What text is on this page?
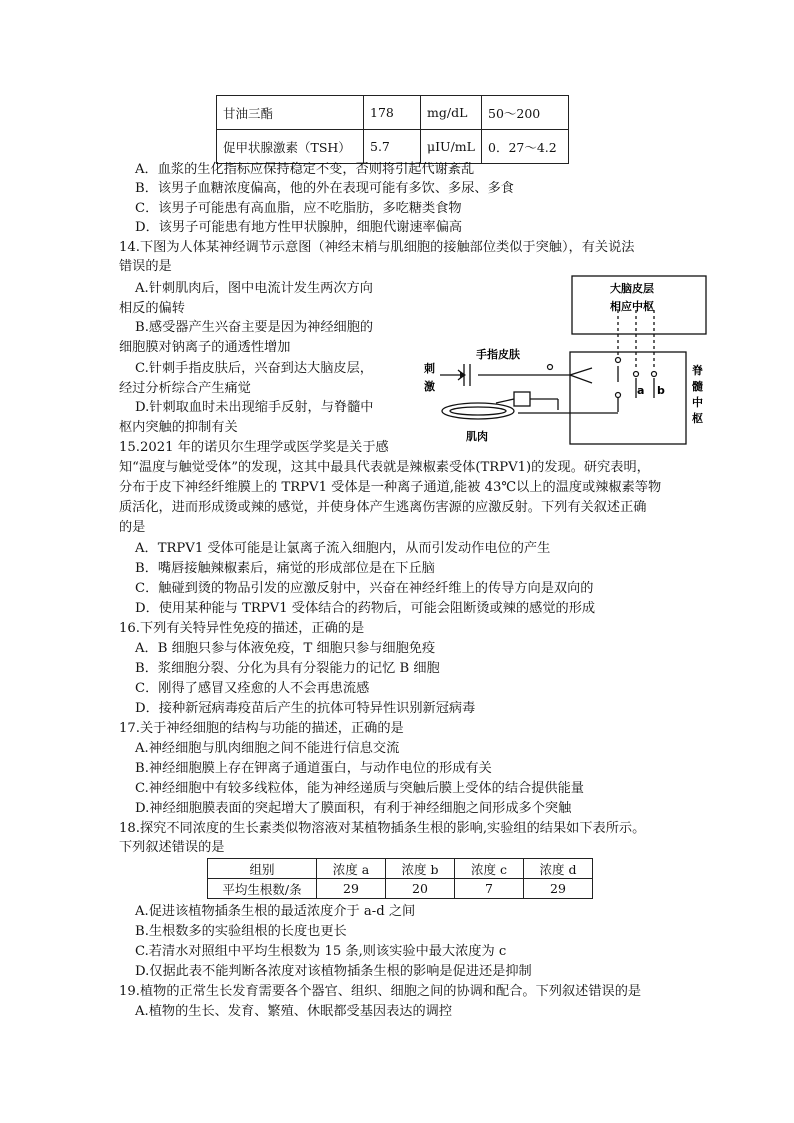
甘油三酯	178	mg/dL	50～200
促甲状腺激素（TSH）	5.7	μIU/mL	0．27～4.2
A．血浆的生化指标应保持稳定不变，否则将引起代谢紊乱
B．该男子血糖浓度偏高，他的外在表现可能有多饮、多尿、多食
C．该男子可能患有高血脂，应不吃脂肪，多吃糖类食物
D．该男子可能患有地方性甲状腺肿，细胞代谢速率偏高
14.下图为人体某神经调节示意图（神经末梢与肌细胞的接触部位类似于突触），有关说法
错误的是
A.针刺肌肉后，图中电流计发生两次方向
相反的偏转
B.感受器产生兴奋主要是因为神经细胞的
细胞膜对钠离子的通透性增加
C.针刺手指皮肤后，兴奋到达大脑皮层，
经过分析综合产生痛觉
D.针刺取血时未出现缩手反射，与脊髓中
枢内突触的抑制有关
大脑皮层
相应中枢
手指皮肤
刺
激	a b
脊
髓
中
枢
肌肉
15.2021 年的诺贝尔生理学或医学奖是关于感
知“温度与触觉受体”的发现，这其中最具代表就是辣椒素受体(TRPV1)的发现。研究表明，
分布于皮下神经纤维膜上的 TRPV1 受体是一种离子通道,能被 43℃以上的温度或辣椒素等物
质活化，进而形成烫或辣的感觉，并使身体产生逃离伤害源的应激反射。下列有关叙述正确
的是
A．TRPV1 受体可能是让氯离子流入细胞内，从而引发动作电位的产生
B．嘴唇接触辣椒素后，痛觉的形成部位是在下丘脑
C．触碰到烫的物品引发的应激反射中，兴奋在神经纤维上的传导方向是双向的
D．使用某种能与 TRPV1 受体结合的药物后，可能会阻断烫或辣的感觉的形成
16.下列有关特异性免疫的描述，正确的是
A．B 细胞只参与体液免疫，T 细胞只参与细胞免疫
B．浆细胞分裂、分化为具有分裂能力的记忆 B 细胞
C．刚得了感冒又痊愈的人不会再患流感
D．接种新冠病毒疫苗后产生的抗体可特异性识别新冠病毒
17.关于神经细胞的结构与功能的描述，正确的是
A.神经细胞与肌肉细胞之间不能进行信息交流
B.神经细胞膜上存在钾离子通道蛋白，与动作电位的形成有关
C.神经细胞中有较多线粒体，能为神经递质与突触后膜上受体的结合提供能量
D.神经细胞膜表面的突起增大了膜面积，有利于神经细胞之间形成多个突触
18.探究不同浓度的生长素类似物溶液对某植物插条生根的影响,实验组的结果如下表所示。
下列叙述错误的是
组别	浓度 a	浓度 b	浓度 c	浓度 d
平均生根数/条	29	20	7	29
A.促进该植物插条生根的最适浓度介于 a-d 之间
B.生根数多的实验组根的长度也更长
C.若清水对照组中平均生根数为 15 条,则该实验中最大浓度为 c
D.仅据此表不能判断各浓度对该植物插条生根的影响是促进还是抑制
19.植物的正常生长发育需要各个器官、组织、细胞之间的协调和配合。下列叙述错误的是
A.植物的生长、发育、繁殖、休眠都受基因表达的调控
